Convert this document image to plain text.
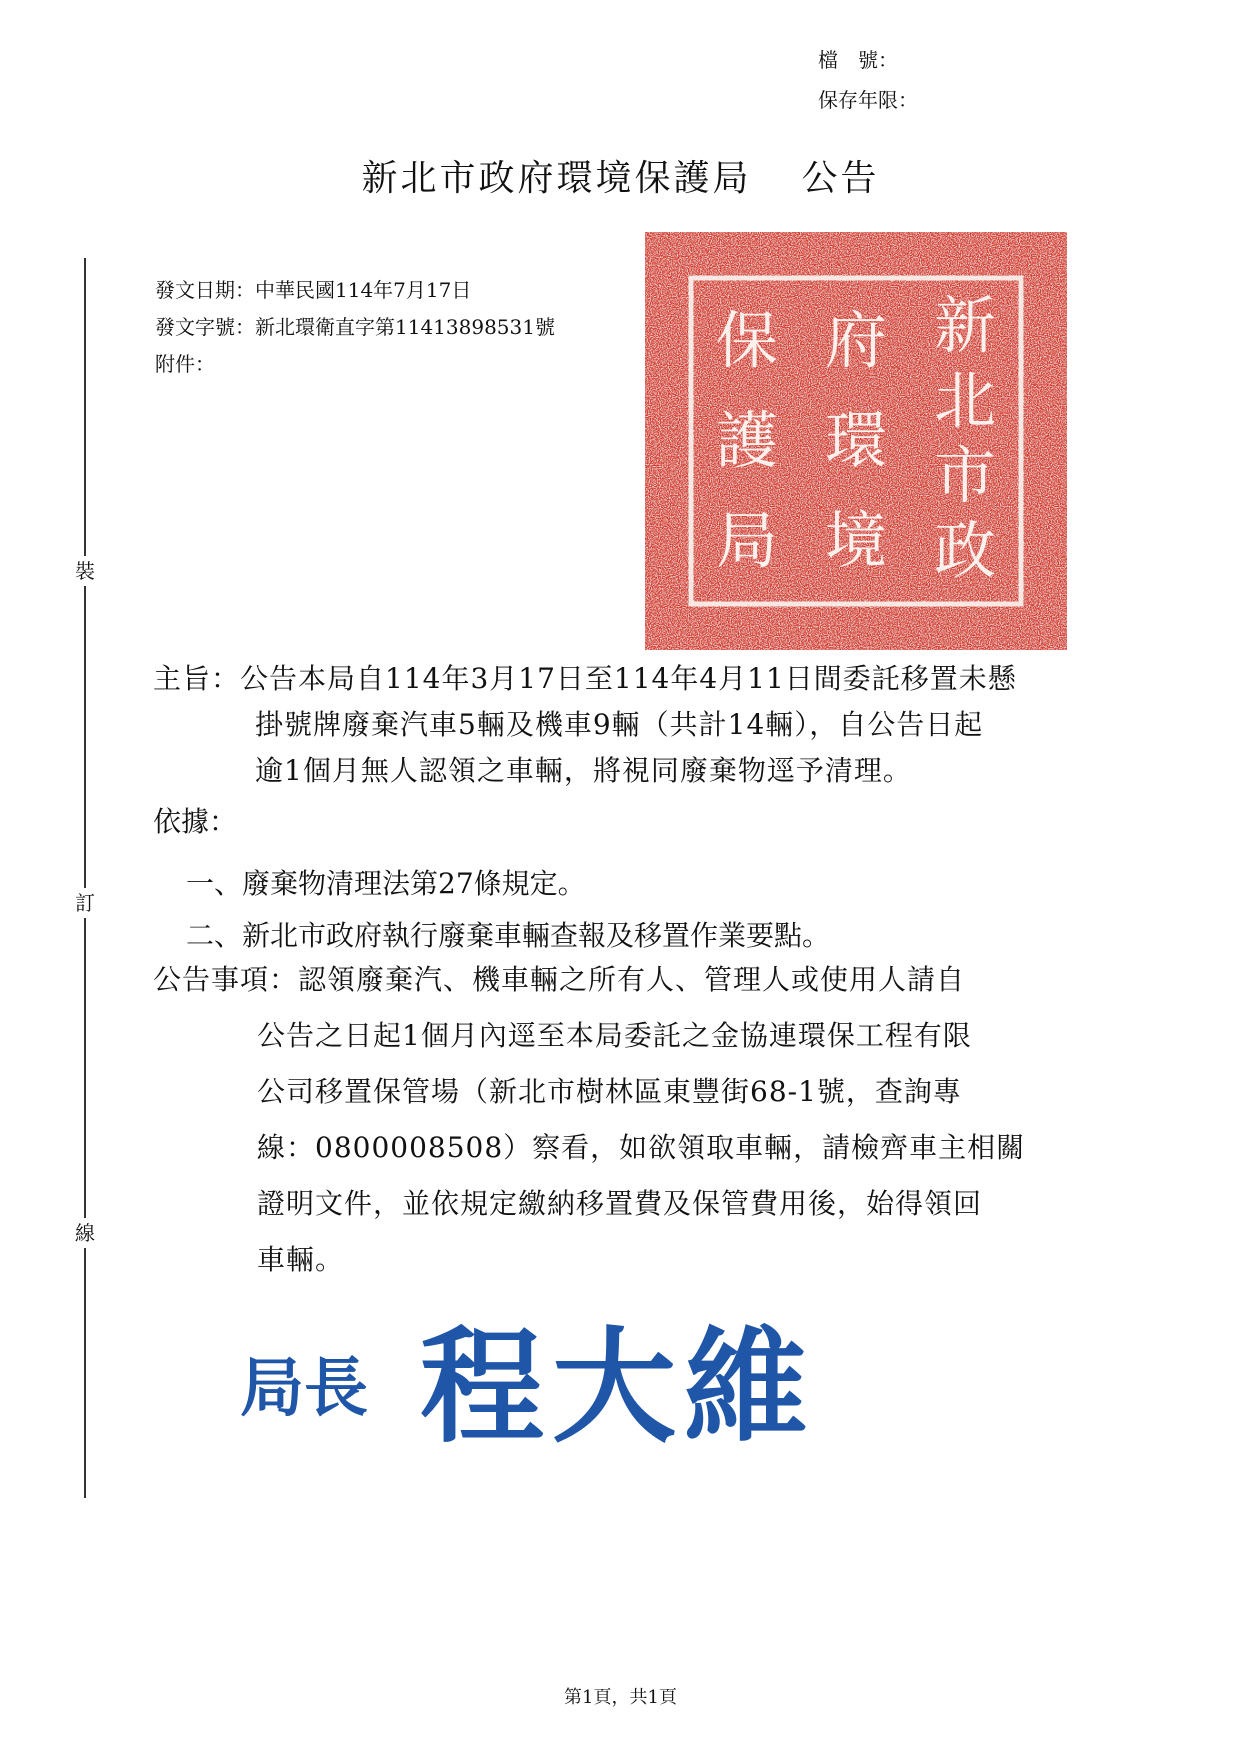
檔　號：
保存年限：
新北市政府環境保護局 公告
裝
訂
線
發文日期：中華民國114年7月17日
發文字號：新北環衛直字第11413898531號
附件：
新
北
市
政
府
環
境
保
護
局
主旨：公告本局自114年3月17日至114年4月11日間委託移置未懸
掛號牌廢棄汽車5輛及機車9輛（共計14輛），自公告日起
逾1個月無人認領之車輛，將視同廢棄物逕予清理。
依據：
一、廢棄物清理法第27條規定。
二、新北市政府執行廢棄車輛查報及移置作業要點。
公告事項：認領廢棄汽、機車輛之所有人、管理人或使用人請自
公告之日起1個月內逕至本局委託之金協連環保工程有限
公司移置保管場（新北市樹林區東豐街68-1號，查詢專
線：0800008508）察看，如欲領取車輛，請檢齊車主相關
證明文件，並依規定繳納移置費及保管費用後，始得領回
車輛。
局長 程大維
第1頁，共1頁
